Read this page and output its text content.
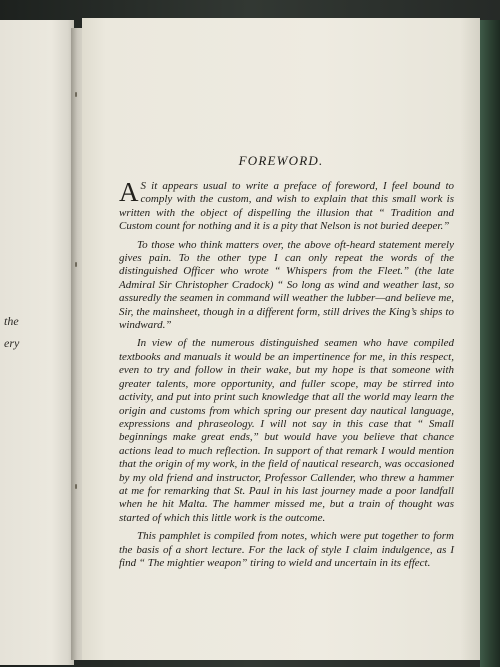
the
ery
FOREWORD.

A S it appears usual to write a preface of foreword, I feel bound to comply with the custom, and wish to explain that this small work is written with the object of dispelling the illusion that “ Tradition and Custom count for nothing and it is a pity that Nelson is not buried deeper.”

To those who think matters over, the above oft-heard statement merely gives pain. To the other type I can only repeat the words of the distinguished Officer who wrote “ Whispers from the Fleet.” (the late Admiral Sir Christopher Cradock) “ So long as wind and weather last, so assuredly the seamen in command will weather the lubber—and believe me, Sir, the mainsheet, though in a different form, still drives the King’s ships to windward.”

In view of the numerous distinguished seamen who have compiled textbooks and manuals it would be an impertinence for me, in this respect, even to try and follow in their wake, but my hope is that someone with greater talents, more opportunity, and fuller scope, may be stirred into activity, and put into print such knowledge that all the world may learn the origin and customs from which spring our present day nautical language, expressions and phraseology. I will not say in this case that “ Small beginnings make great ends,” but would have you believe that chance actions lead to much reflection. In support of that remark I would mention that the origin of my work, in the field of nautical research, was occasioned by my old friend and instructor, Professor Callender, who threw a hammer at me for remarking that St. Paul in his last journey made a poor landfall when he hit Malta. The hammer missed me, but a train of thought was started of which this little work is the outcome.

This pamphlet is compiled from notes, which were put together to form the basis of a short lecture. For the lack of style I claim indulgence, as I find “ The mightier weapon” tiring to wield and uncertain in its effect.
